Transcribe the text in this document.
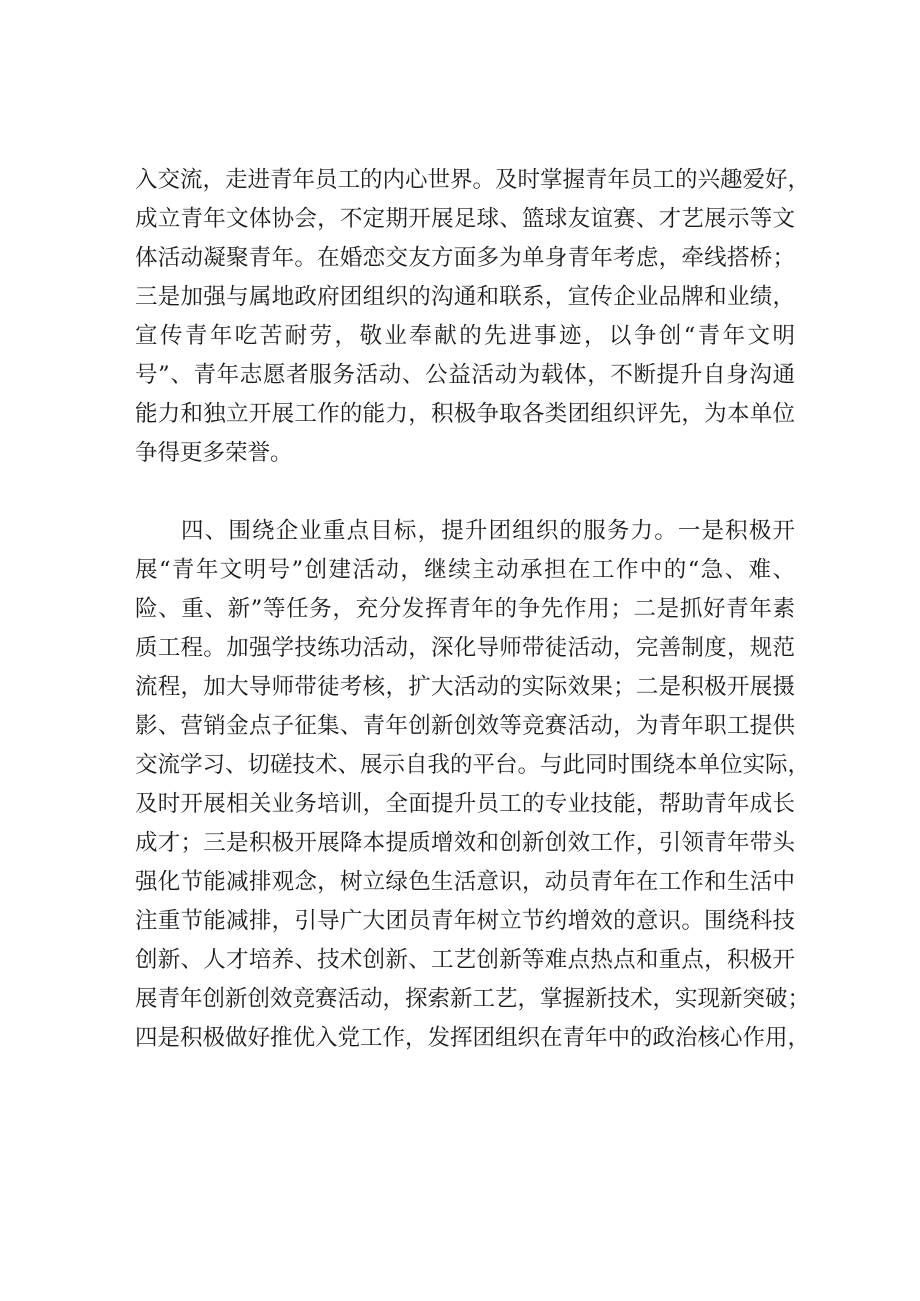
入交流，走进青年员工的内心世界。及时掌握青年员工的兴趣爱好，
成立青年文体协会，不定期开展足球、篮球友谊赛、才艺展示等文
体活动凝聚青年。在婚恋交友方面多为单身青年考虑，牵线搭桥；
三是加强与属地政府团组织的沟通和联系，宣传企业品牌和业绩，
宣传青年吃苦耐劳，敬业奉献的先进事迹，以争创“青年文明
号”、青年志愿者服务活动、公益活动为载体，不断提升自身沟通
能力和独立开展工作的能力，积极争取各类团组织评先，为本单位
争得更多荣誉。
四、围绕企业重点目标，提升团组织的服务力。一是积极开
展“青年文明号”创建活动，继续主动承担在工作中的“急、难、
险、重、新”等任务，充分发挥青年的争先作用；二是抓好青年素
质工程。加强学技练功活动，深化导师带徒活动，完善制度，规范
流程，加大导师带徒考核，扩大活动的实际效果；二是积极开展摄
影、营销金点子征集、青年创新创效等竞赛活动，为青年职工提供
交流学习、切磋技术、展示自我的平台。与此同时围绕本单位实际，
及时开展相关业务培训，全面提升员工的专业技能，帮助青年成长
成才；三是积极开展降本提质增效和创新创效工作，引领青年带头
强化节能减排观念，树立绿色生活意识，动员青年在工作和生活中
注重节能减排，引导广大团员青年树立节约增效的意识。围绕科技
创新、人才培养、技术创新、工艺创新等难点热点和重点，积极开
展青年创新创效竞赛活动，探索新工艺，掌握新技术，实现新突破；
四是积极做好推优入党工作，发挥团组织在青年中的政治核心作用，
